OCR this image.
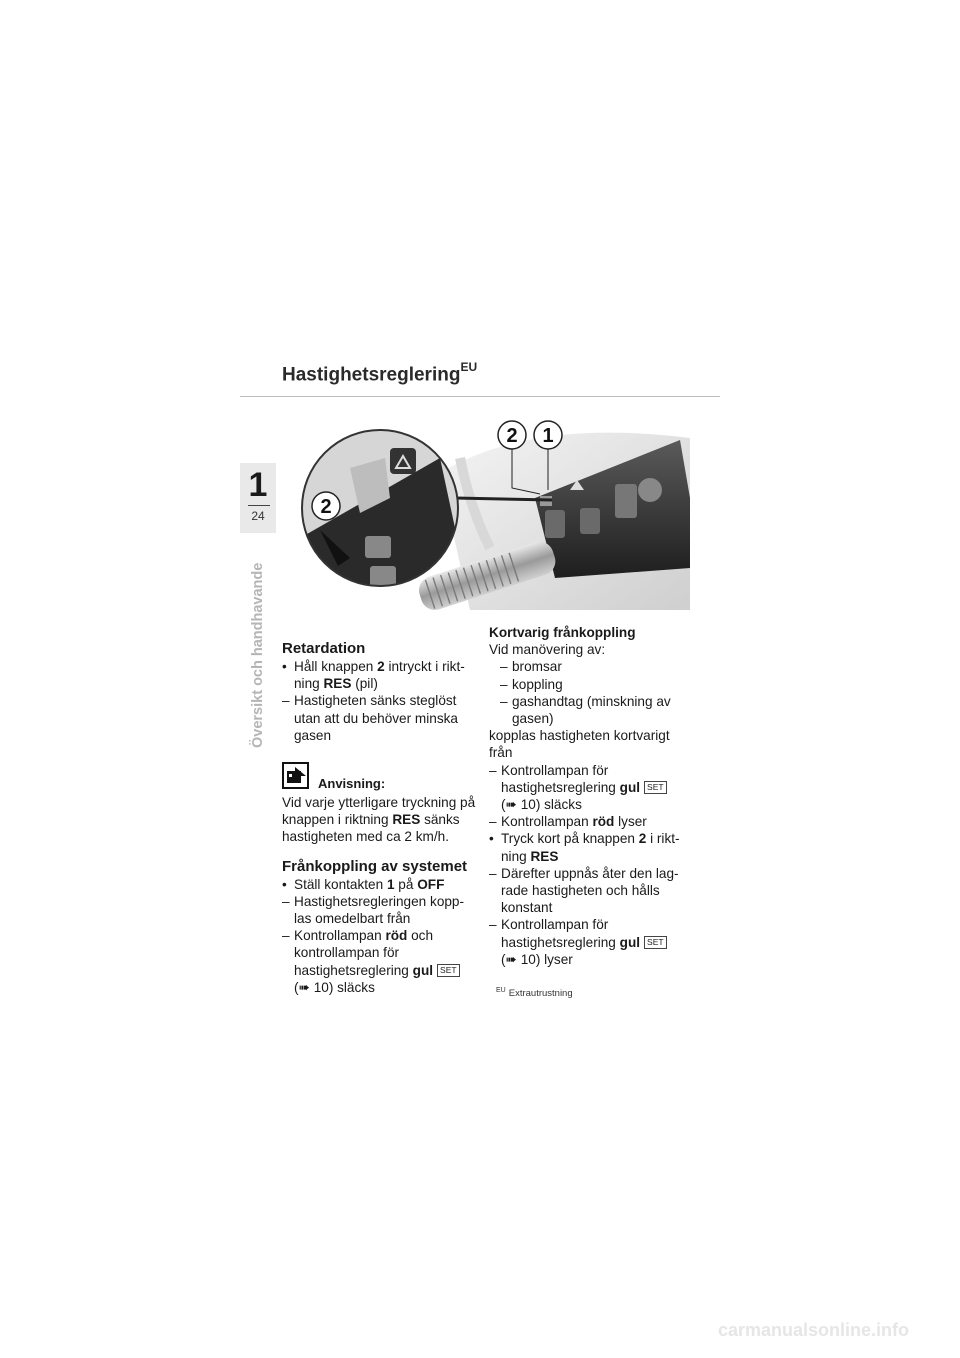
Hastighetsreglering$^{EU}$
1
24
Översikt och handhavande
2
2 1
Retardation
• Håll knappen 2 intryckt i rikt-
ning RES (pil)
– Hastigheten sänks steglöst
utan att du behöver minska
gasen
Anvisning:
Vid varje ytterligare tryckning på
knappen i riktning RES sänks
hastigheten med ca 2 km/h.
Frånkoppling av systemet
• Ställ kontakten 1 på OFF
– Hastighetsregleringen kopp-
las omedelbart från
– Kontrollampan röd och
kontrollampan för
hastighetsreglering gul SET
(➠ 10) släcks
Kortvarig frånkoppling
Vid manövering av:
– bromsar
– koppling
– gashandtag (minskning av
gasen)
kopplas hastigheten kortvarigt
från
– Kontrollampan för
hastighetsreglering gul SET
(➠ 10) släcks
– Kontrollampan röd lyser
• Tryck kort på knappen 2 i rikt-
ning RES
– Därefter uppnås åter den lag-
rade hastigheten och hålls
konstant
– Kontrollampan för
hastighetsreglering gul SET
(➠ 10) lyser
$^{EU}$ Extrautrustning
carmanualsonline.info
